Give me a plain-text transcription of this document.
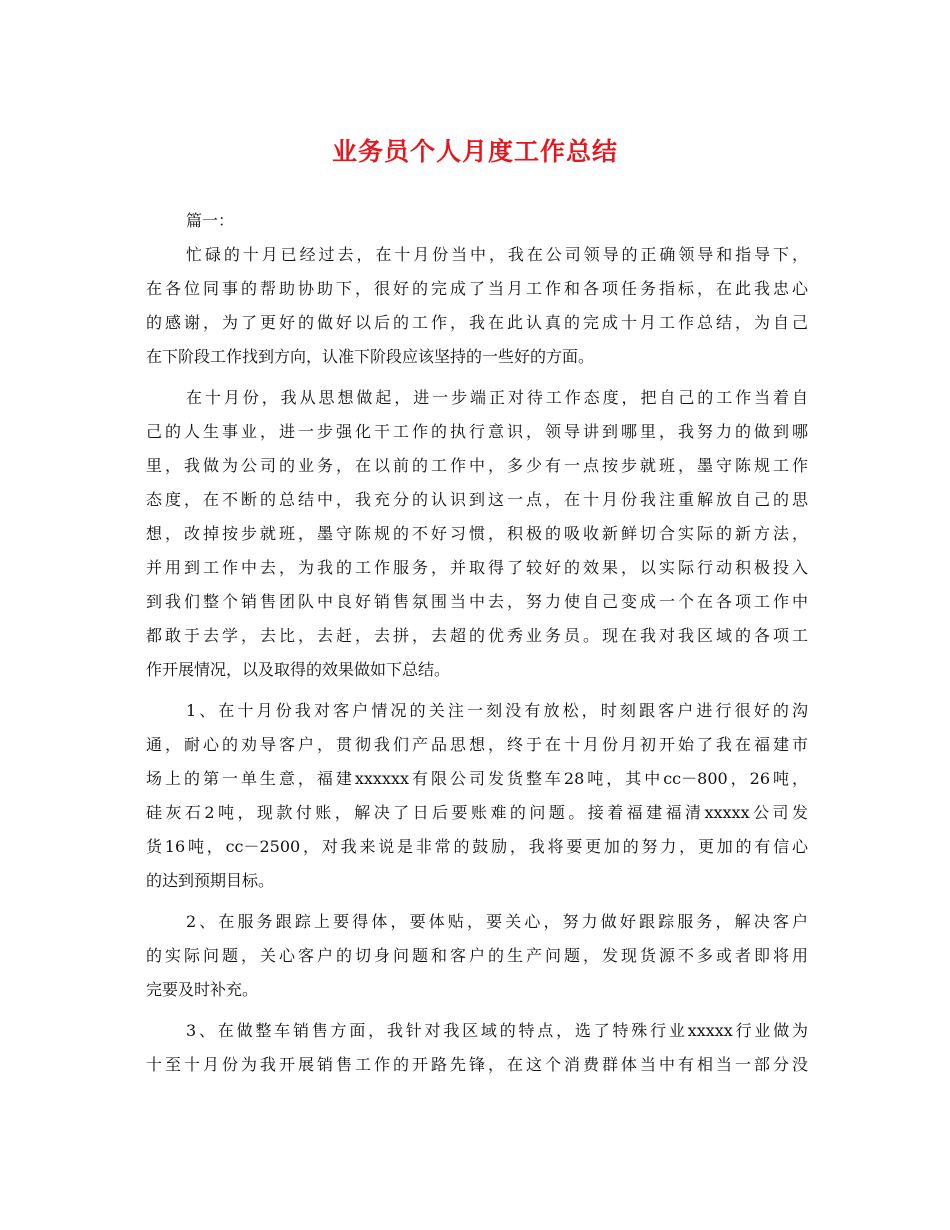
业务员个人月度工作总结

篇一：

忙碌的十月已经过去，在十月份当中，我在公司领导的正确领导和指导下，
在各位同事的帮助协助下，很好的完成了当月工作和各项任务指标，在此我忠心
的感谢，为了更好的做好以后的工作，我在此认真的完成十月工作总结，为自己
在下阶段工作找到方向，认准下阶段应该坚持的一些好的方面。

在十月份，我从思想做起，进一步端正对待工作态度，把自己的工作当着自
己的人生事业，进一步强化干工作的执行意识，领导讲到哪里，我努力的做到哪
里，我做为公司的业务，在以前的工作中，多少有一点按步就班，墨守陈规工作
态度，在不断的总结中，我充分的认识到这一点，在十月份我注重解放自己的思
想，改掉按步就班，墨守陈规的不好习惯，积极的吸收新鲜切合实际的新方法，
并用到工作中去，为我的工作服务，并取得了较好的效果，以实际行动积极投入
到我们整个销售团队中良好销售氛围当中去，努力使自己变成一个在各项工作中
都敢于去学，去比，去赶，去拼，去超的优秀业务员。现在我对我区域的各项工
作开展情况，以及取得的效果做如下总结。

1、在十月份我对客户情况的关注一刻没有放松，时刻跟客户进行很好的沟
通，耐心的劝导客户，贯彻我们产品思想，终于在十月份月初开始了我在福建市
场上的第一单生意，福建xxxxxx有限公司发货整车28吨，其中cc－800，26吨，
硅灰石2吨，现款付账，解决了日后要账难的问题。接着福建福清xxxxx公司发
货16吨，cc－2500，对我来说是非常的鼓励，我将要更加的努力，更加的有信心
的达到预期目标。

2、在服务跟踪上要得体，要体贴，要关心，努力做好跟踪服务，解决客户
的实际问题，关心客户的切身问题和客户的生产问题，发现货源不多或者即将用
完要及时补充。

3、在做整车销售方面，我针对我区域的特点，选了特殊行业xxxxx行业做为
十至十月份为我开展销售工作的开路先锋，在这个消费群体当中有相当一部分没
